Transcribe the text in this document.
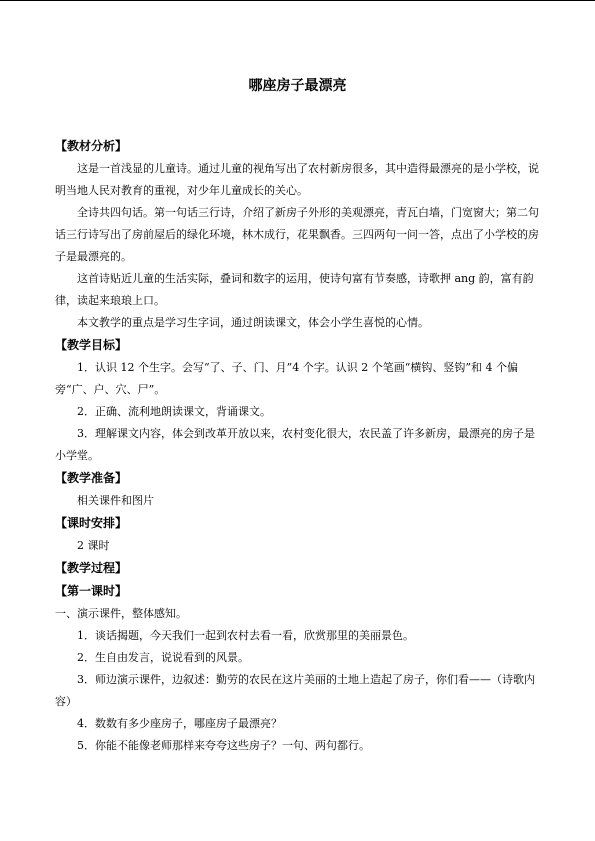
哪座房子最漂亮
【教材分析】

这是一首浅显的儿童诗。通过儿童的视角写出了农村新房很多，其中造得最漂亮的是小学校，说明当地人民对教育的重视，对少年儿童成长的关心。

全诗共四句话。第一句话三行诗，介绍了新房子外形的美观漂亮，青瓦白墙，门宽窗大；第二句话三行诗写出了房前屋后的绿化环境，林木成行，花果飘香。三四两句一问一答，点出了小学校的房子是最漂亮的。

这首诗贴近儿童的生活实际，叠词和数字的运用，使诗句富有节奏感，诗歌押 ang 韵，富有韵律，读起来琅琅上口。

本文教学的重点是学习生字词，通过朗读课文，体会小学生喜悦的心情。

【教学目标】

1．认识 12 个生字。会写“了、子、门、月”4 个字。认识 2 个笔画“横钩、竖钩”和 4 个偏旁“广、户、穴、尸”。

2．正确、流利地朗读课文，背诵课文。

3．理解课文内容，体会到改革开放以来，农村变化很大，农民盖了许多新房，最漂亮的房子是小学堂。

【教学准备】

相关课件和图片

【课时安排】

2 课时

【教学过程】
【第一课时】

一、演示课件，整体感知。

1．谈话揭题，今天我们一起到农村去看一看，欣赏那里的美丽景色。

2．生自由发言，说说看到的风景。

3．师边演示课件，边叙述：勤劳的农民在这片美丽的土地上造起了房子，你们看——（诗歌内容）

4．数数有多少座房子，哪座房子最漂亮？

5．你能不能像老师那样来夸夸这些房子？一句、两句都行。
